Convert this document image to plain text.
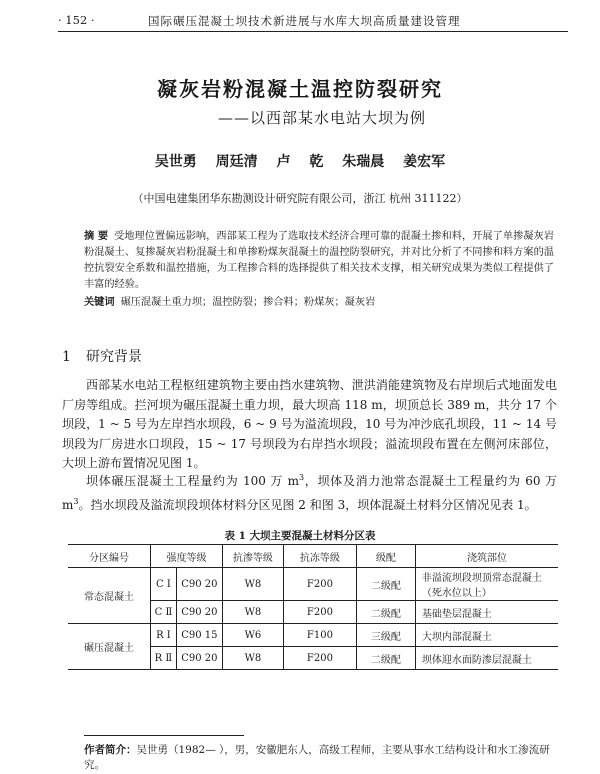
· 152 ·	国际碾压混凝土坝技术新进展与水库大坝高质量建设管理
凝灰岩粉混凝土温控防裂研究
——以西部某水电站大坝为例
吴世勇 周廷清 卢 乾 朱瑞晨 姜宏军
（中国电建集团华东勘测设计研究院有限公司，浙江 杭州 311122）
摘 要 受地理位置偏远影响，西部某工程为了选取技术经济合理可靠的混凝土掺和料，开展了单掺凝灰岩粉混凝土、复掺凝灰岩粉混凝土和单掺粉煤灰混凝土的温控防裂研究，并对比分析了不同掺和料方案的温控抗裂安全系数和温控措施，为工程掺合料的选择提供了相关技术支撑，相关研究成果为类似工程提供了丰富的经验。
关键词 碾压混凝土重力坝；温控防裂；掺合料；粉煤灰；凝灰岩
1 研究背景
西部某水电站工程枢纽建筑物主要由挡水建筑物、泄洪消能建筑物及右岸坝后式地面发电厂房等组成。拦河坝为碾压混凝土重力坝，最大坝高 118 m，坝顶总长 389 m，共分 17 个坝段，1 ~ 5 号为左岸挡水坝段，6 ~ 9 号为溢流坝段，10 号为冲沙底孔坝段，11 ~ 14 号坝段为厂房进水口坝段，15 ~ 17 号坝段为右岸挡水坝段；溢流坝段布置在左侧河床部位，大坝上游布置情况见图 1。
坝体碾压混凝土工程量约为 100 万 $m^3$，坝体及消力池常态混凝土工程量约为 60 万 $m^3$。挡水坝段及溢流坝段坝体材料分区见图 2 和图 3，坝体混凝土材料分区情况见表 1。
表 1 大坝主要混凝土材料分区表
分区编号	强度等级		抗渗等级	抗冻等级	级配	浇筑部位
常态混凝土	C Ⅰ	C90 20	W8	F200	二级配	非溢流坝段坝顶常态混凝土（死水位以上）
	C Ⅱ	C90 20	W8	F200	二级配	基础垫层混凝土
碾压混凝土	R Ⅰ	C90 15	W6	F100	三级配	大坝内部混凝土
	R Ⅱ	C90 20	W8	F200	二级配	坝体迎水面防渗层混凝土
作者简介：吴世勇（1982— ），男，安徽肥东人，高级工程师，主要从事水工结构设计和水工渗流研究。
